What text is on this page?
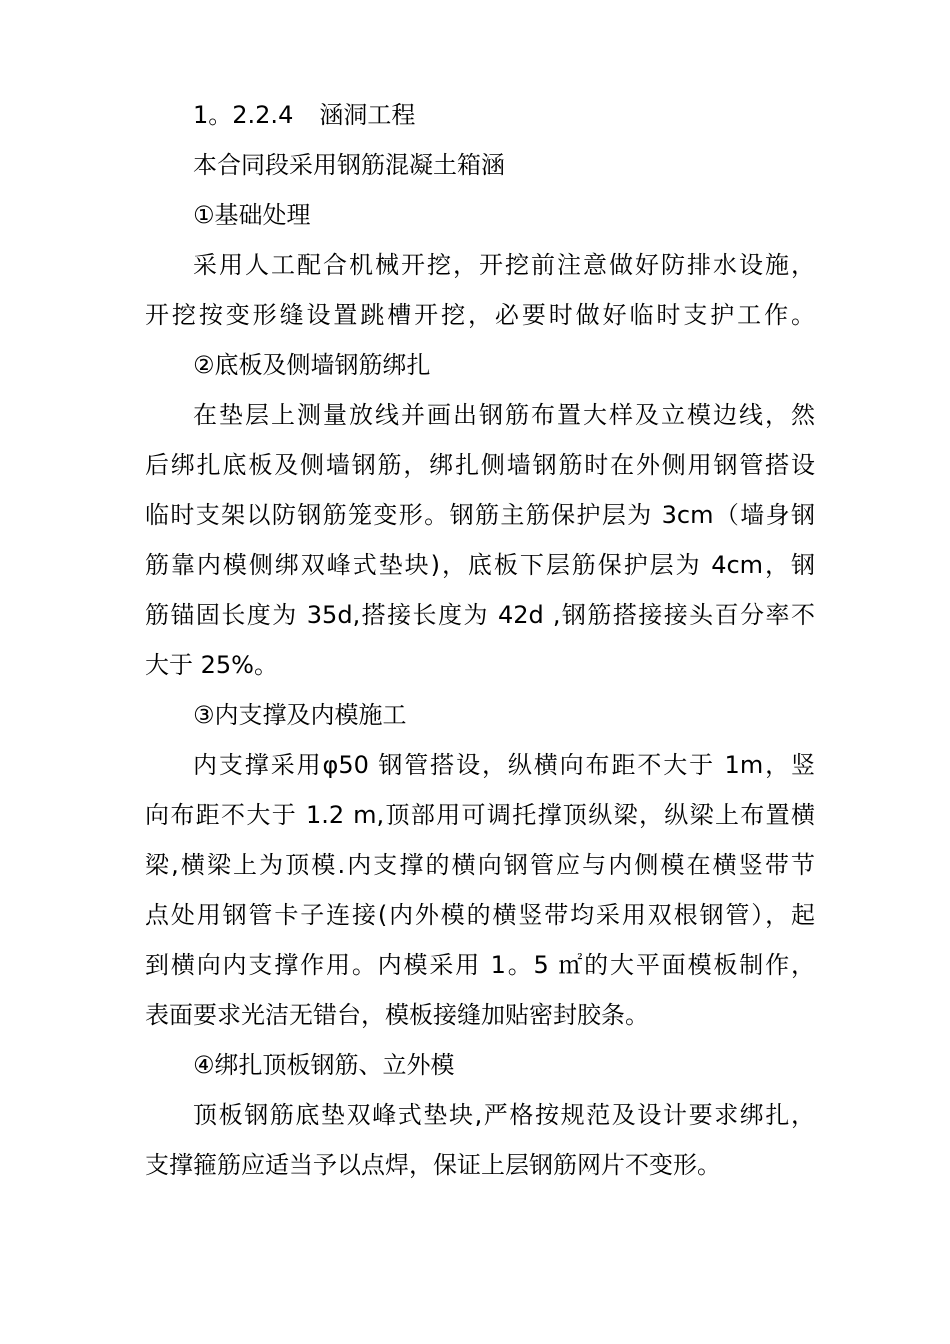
1。2.2.4 涵洞工程
本合同段采用钢筋混凝土箱涵
①基础处理
采用人工配合机械开挖，开挖前注意做好防排水设施，
开挖按变形缝设置跳槽开挖，必要时做好临时支护工作。
②底板及侧墙钢筋绑扎
在垫层上测量放线并画出钢筋布置大样及立模边线，然
后绑扎底板及侧墙钢筋，绑扎侧墙钢筋时在外侧用钢管搭设
临时支架以防钢筋笼变形。钢筋主筋保护层为 3cm（墙身钢
筋靠内模侧绑双峰式垫块)，底板下层筋保护层为 4cm，钢
筋锚固长度为 35d,搭接长度为 42d ,钢筋搭接接头百分率不
大于 25%。
③内支撑及内模施工
内支撑采用φ50 钢管搭设，纵横向布距不大于 1m，竖
向布距不大于 1.2 m,顶部用可调托撑顶纵梁，纵梁上布置横
梁,横梁上为顶模.内支撑的横向钢管应与内侧模在横竖带节
点处用钢管卡子连接(内外模的横竖带均采用双根钢管），起
到横向内支撑作用。内模采用 1。5 ㎡的大平面模板制作，
表面要求光洁无错台，模板接缝加贴密封胶条。
④绑扎顶板钢筋、立外模
顶板钢筋底垫双峰式垫块,严格按规范及设计要求绑扎，
支撑箍筋应适当予以点焊，保证上层钢筋网片不变形。
